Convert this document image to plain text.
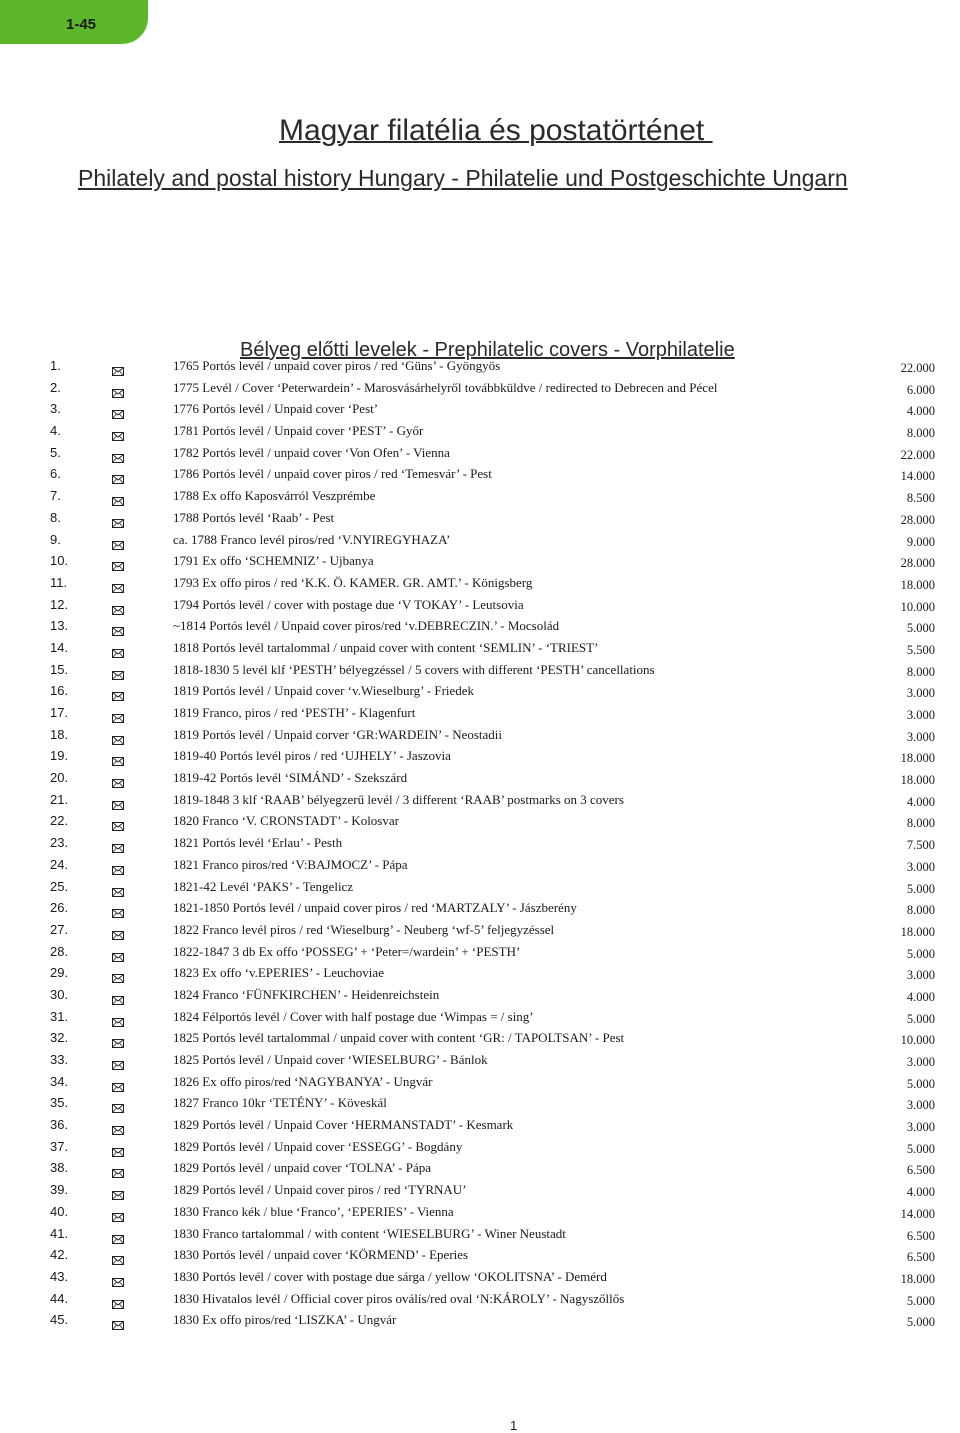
1-45
Magyar filatélia és postatörténet
Philately and postal history Hungary - Philatelie und Postgeschichte Ungarn
Bélyeg előtti levelek - Prephilatelic covers - Vorphilatelie
1.	1765 Portós levél / unpaid cover piros / red ‘Güns’ - Gyöngyös	22.000
2.	1775 Levél / Cover ‘Peterwardein’ - Marosvásárhelyről továbbküldve / redirected to Debrecen and Pécel	6.000
3.	1776 Portós levél / Unpaid cover ‘Pest’	4.000
4.	1781 Portós levél / Unpaid cover ‘PEST’ - Győr	8.000
5.	1782 Portós levél / unpaid cover ‘Von Ofen’ - Vienna	22.000
6.	1786 Portós levél / unpaid cover piros / red ‘Temesvár’ - Pest	14.000
7.	1788 Ex offo Kaposvárról Veszprémbe	8.500
8.	1788 Portós levél ‘Raab’ - Pest	28.000
9.	ca. 1788 Franco levél piros/red ‘V.NYIREGYHAZA’	9.000
10.	1791 Ex offo ‘SCHEMNIZ’ - Ujbanya	28.000
11.	1793 Ex offo piros / red ‘K.K. Ö. KAMER. GR. AMT.’ - Königsberg	18.000
12.	1794 Portós levél / cover with postage due ‘V TOKAY’ - Leutsovia	10.000
13.	~1814 Portós levél / Unpaid cover piros/red ‘v.DEBRECZIN.’ - Mocsolád	5.000
14.	1818 Portós levél tartalommal / unpaid cover with content ‘SEMLIN’ - ‘TRIEST’	5.500
15.	1818-1830 5 levél klf ‘PESTH’ bélyegzéssel / 5 covers with different ‘PESTH’ cancellations	8.000
16.	1819 Portós levél / Unpaid cover ‘v.Wieselburg’ - Friedek	3.000
17.	1819 Franco, piros / red ‘PESTH’ - Klagenfurt	3.000
18.	1819 Portós levél / Unpaid corver ‘GR:WARDEIN’ - Neostadii	3.000
19.	1819-40 Portós levél piros / red ‘UJHELY’ - Jaszovia	18.000
20.	1819-42 Portós levél ‘SIMÁND’ - Szekszárd	18.000
21.	1819-1848 3 klf ‘RAAB’ bélyegzerű levél / 3 different ‘RAAB’ postmarks on 3 covers	4.000
22.	1820 Franco ‘V. CRONSTADT’ - Kolosvar	8.000
23.	1821 Portós levél ‘Erlau’ - Pesth	7.500
24.	1821 Franco piros/red ‘V:BAJMOCZ’ - Pápa	3.000
25.	1821-42 Levél ‘PAKS’ - Tengelicz	5.000
26.	1821-1850 Portós levél / unpaid cover piros / red ‘MARTZALY’ - Jászberény	8.000
27.	1822 Franco levél piros / red ‘Wieselburg’ - Neuberg ‘wf-5’ feljegyzéssel	18.000
28.	1822-1847 3 db Ex offo ‘POSSEG’ + ‘Peter=/wardein’ + ‘PESTH’	5.000
29.	1823 Ex offo ‘v.EPERIES’ - Leuchoviae	3.000
30.	1824 Franco ‘FÜNFKIRCHEN’ - Heidenreichstein	4.000
31.	1824 Félportós levél / Cover with half postage due ‘Wimpas = / sing’	5.000
32.	1825 Portós levél tartalommal / unpaid cover with content ‘GR: / TAPOLTSAN’ - Pest	10.000
33.	1825 Portós levél / Unpaid cover ‘WIESELBURG’ - Bánlok	3.000
34.	1826 Ex offo piros/red ‘NAGYBANYA’ - Ungvár	5.000
35.	1827 Franco 10kr ‘TETÉNY’ - Köveskál	3.000
36.	1829 Portós levél / Unpaid Cover ‘HERMANSTADT’ - Kesmark	3.000
37.	1829 Portós levél / Unpaid cover ‘ESSEGG’ - Bogdány	5.000
38.	1829 Portós levél / unpaid cover ‘TOLNA’ - Pápa	6.500
39.	1829 Portós levél / Unpaid cover piros / red ‘TYRNAU’	4.000
40.	1830 Franco kék / blue ‘Franco’, ‘EPERIES’ - Vienna	14.000
41.	1830 Franco tartalommal / with content ‘WIESELBURG’ - Winer Neustadt	6.500
42.	1830 Portós levél / unpaid cover ‘KÖRMEND’ - Eperies	6.500
43.	1830 Portós levél / cover with postage due sárga / yellow ‘OKOLITSNA’ - Demérd	18.000
44.	1830 Hivatalos levél / Official cover piros oválís/red oval ‘N:KÁROLY’ - Nagyszőllős	5.000
45.	1830 Ex offo piros/red ‘LISZKA’ - Ungvár	5.000
1
